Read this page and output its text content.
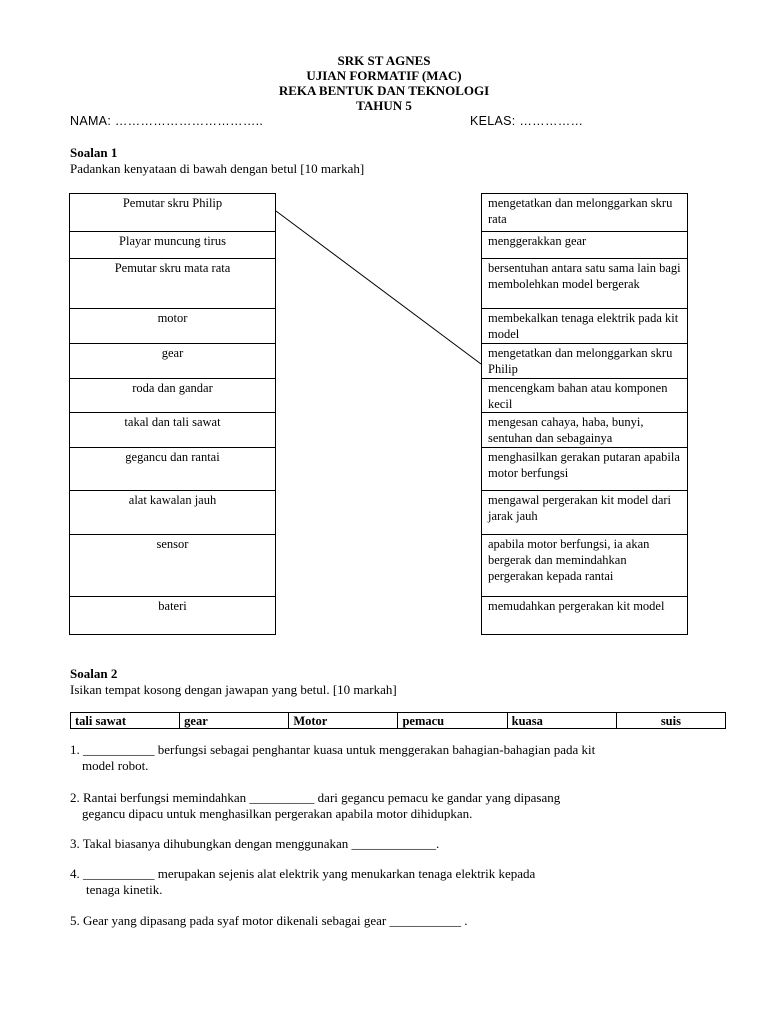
SRK ST AGNES
UJIAN FORMATIF (MAC)
REKA BENTUK DAN TEKNOLOGI
TAHUN 5
NAMA: ……………………………..	KELAS: ……………
Soalan 1
Padankan kenyataan di bawah dengan betul [10 markah]
Pemutar skru Philip
Playar muncung tirus
Pemutar skru mata rata
motor
gear
roda dan gandar
takal dan tali sawat
gegancu dan rantai
alat kawalan jauh
sensor
bateri
mengetatkan dan melonggarkan skru rata
menggerakkan gear
bersentuhan antara satu sama lain bagi membolehkan model bergerak
membekalkan tenaga elektrik pada kit model
mengetatkan dan melonggarkan skru Philip
mencengkam bahan atau komponen kecil
mengesan cahaya, haba, bunyi, sentuhan dan sebagainya
menghasilkan gerakan putaran apabila motor berfungsi
mengawal pergerakan kit model dari jarak jauh
apabila motor berfungsi, ia akan bergerak dan memindahkan pergerakan kepada rantai
memudahkan pergerakan kit model
Soalan 2
Isikan tempat kosong dengan jawapan yang betul. [10 markah]
tali sawat	gear	Motor	pemacu	kuasa	suis
1. ___________ berfungsi sebagai penghantar kuasa untuk menggerakan bahagian-bahagian pada kit
model robot.
2. Rantai berfungsi memindahkan __________ dari gegancu pemacu ke gandar yang dipasang
gegancu dipacu untuk menghasilkan pergerakan apabila motor dihidupkan.
3. Takal biasanya dihubungkan dengan menggunakan _____________.
4. ___________ merupakan sejenis alat elektrik yang menukarkan tenaga elektrik kepada
tenaga kinetik.
5. Gear yang dipasang pada syaf motor dikenali sebagai gear ___________ .
